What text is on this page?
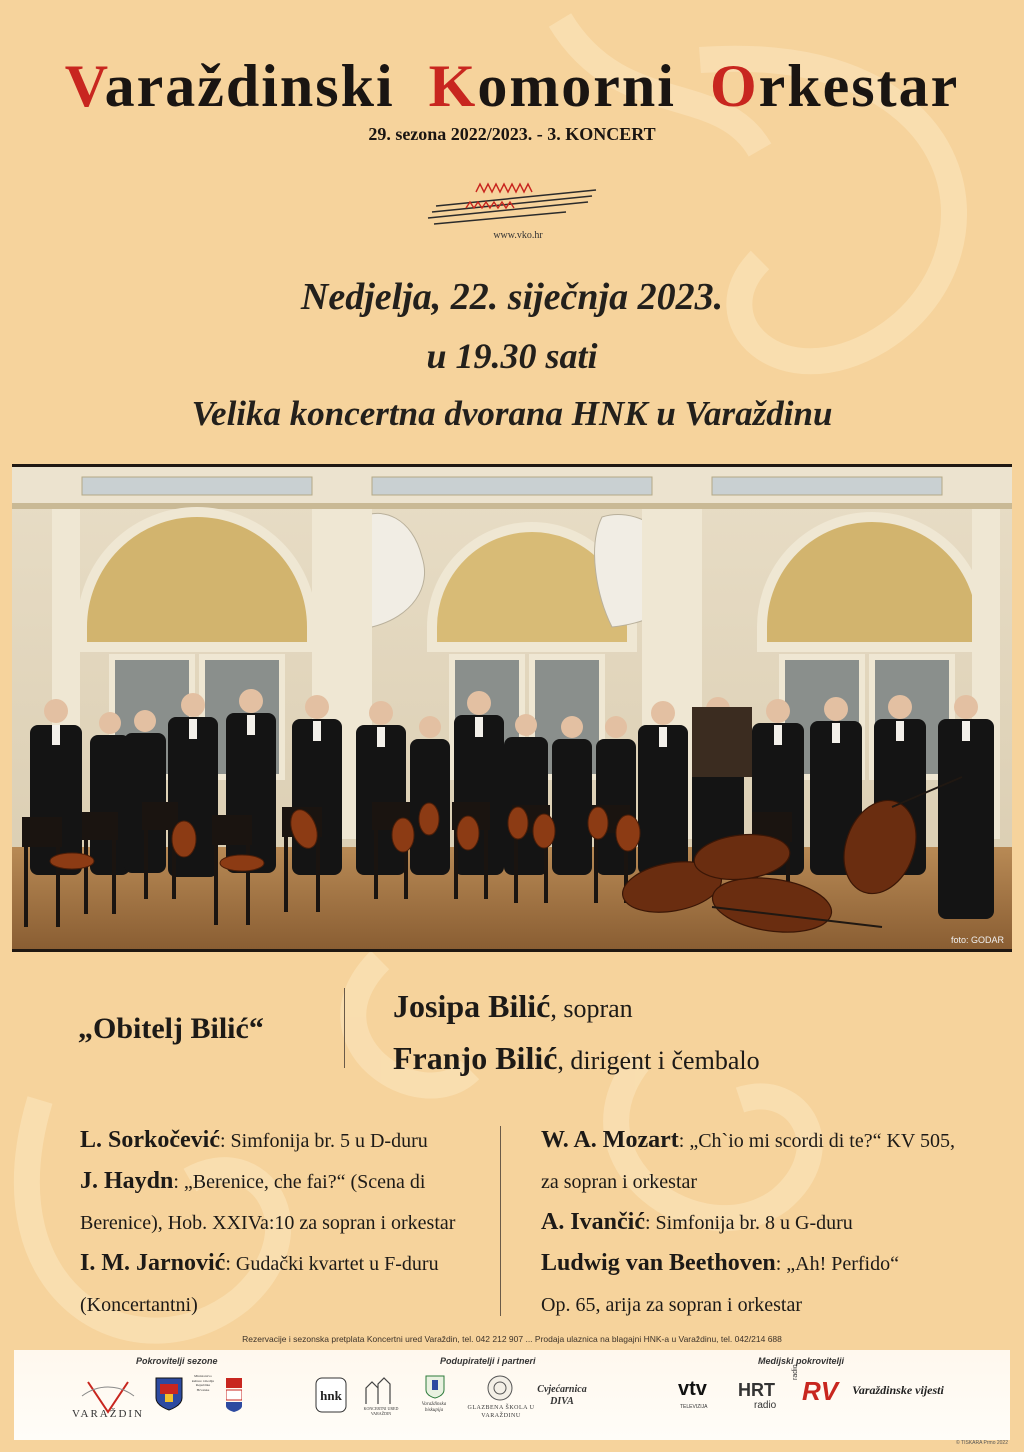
Varaždinski Komorni Orkestar
29. sezona 2022/2023. - 3. KONCERT
www.vko.hr
Nedjelja, 22. siječnja 2023.
u 19.30 sati
Velika koncertna dvorana HNK u Varaždinu
foto: GODAR
„Obitelj Bilić“
Josipa Bilić, sopran
Franjo Bilić, dirigent i čembalo
L. Sorkočević: Simfonija br. 5 u D-duru
J. Haydn: „Berenice, che fai?“ (Scena di
Berenice), Hob. XXIVa:10 za sopran i orkestar
I. M. Jarnović: Gudački kvartet u F-duru
(Koncertantni)
W. A. Mozart: „Ch`io mi scordi di te?“ KV 505,
za sopran i orkestar
A. Ivančić: Simfonija br. 8 u G-duru
Ludwig van Beethoven: „Ah! Perfido“
Op. 65, arija za sopran i orkestar
Rezervacije i sezonska pretplata Koncertni ured Varaždin, tel. 042 212 907 ... Prodaja ulaznica na blagajni HNK-a u Varaždinu, tel. 042/214 688
Pokrovitelji sezone	Podupiratelji i partneri	Medijski pokrovitelji
VARAŽDIN
Ministarstvo kulture i medija Republike Hrvatske	hnk
KONCERTNI URED VARAŽDIN
Varaždinska biskupija	GLAZBENA ŠKOLA U VARAŽDINU
Cvjećarnica DIVA
vtv
TELEVIZIJA
HRT
radio
radio
RV Varaždinske vijesti
© TISKARA Prmo 2022
